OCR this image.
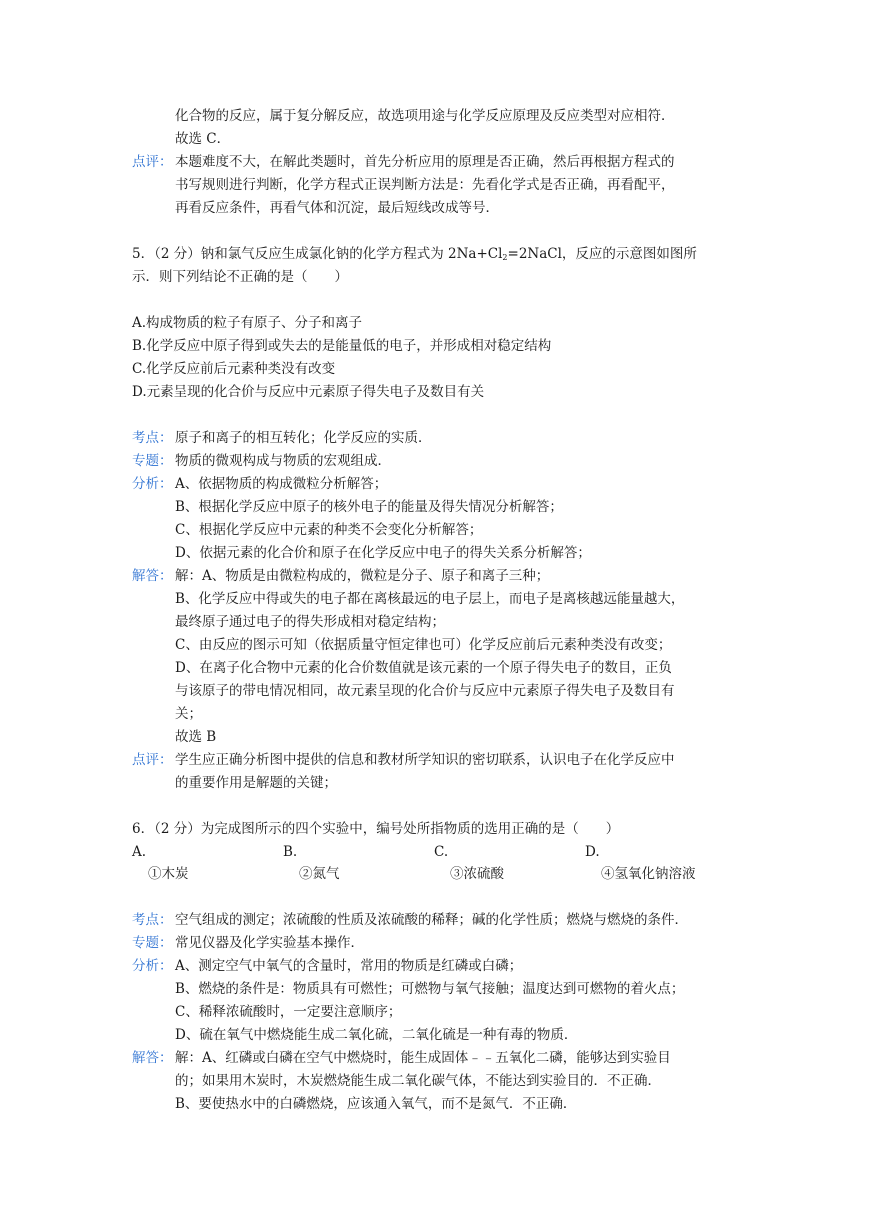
化合物的反应，属于复分解反应，故选项用途与化学反应原理及反应类型对应相符．
故选 C．
点评： 本题难度不大，在解此类题时，首先分析应用的原理是否正确，然后再根据方程式的
书写规则进行判断，化学方程式正误判断方法是：先看化学式是否正确，再看配平，
再看反应条件，再看气体和沉淀，最后短线改成等号．
5．（2 分）钠和氯气反应生成氯化钠的化学方程式为 $2Na+Cl_2=2NaCl$，反应的示意图如图所
示．则下列结论不正确的是（　　）
A.构成物质的粒子有原子、分子和离子
B.化学反应中原子得到或失去的是能量低的电子，并形成相对稳定结构
C.化学反应前后元素种类没有改变
D.元素呈现的化合价与反应中元素原子得失电子及数目有关
考点： 原子和离子的相互转化；化学反应的实质．
专题： 物质的微观构成与物质的宏观组成．
分析： A、依据物质的构成微粒分析解答；
B、根据化学反应中原子的核外电子的能量及得失情况分析解答；
C、根据化学反应中元素的种类不会变化分析解答；
D、依据元素的化合价和原子在化学反应中电子的得失关系分析解答；
解答： 解：A、物质是由微粒构成的，微粒是分子、原子和离子三种；
B、化学反应中得或失的电子都在离核最远的电子层上，而电子是离核越远能量越大，
最终原子通过电子的得失形成相对稳定结构；
C、由反应的图示可知（依据质量守恒定律也可）化学反应前后元素种类没有改变；
D、在离子化合物中元素的化合价数值就是该元素的一个原子得失电子的数目，正负
与该原子的带电情况相同，故元素呈现的化合价与反应中元素原子得失电子及数目有
关；
故选 B
点评： 学生应正确分析图中提供的信息和教材所学知识的密切联系，认识电子在化学反应中
的重要作用是解题的关键；
6．（2 分）为完成图所示的四个实验中，编号处所指物质的选用正确的是（　　）
A.	B.	C.	D.
①木炭	②氮气	③浓硫酸	④氢氧化钠溶液
考点： 空气组成的测定；浓硫酸的性质及浓硫酸的稀释；碱的化学性质；燃烧与燃烧的条件．
专题： 常见仪器及化学实验基本操作．
分析： A、测定空气中氧气的含量时，常用的物质是红磷或白磷；
B、燃烧的条件是：物质具有可燃性；可燃物与氧气接触；温度达到可燃物的着火点；
C、稀释浓硫酸时，一定要注意顺序；
D、硫在氧气中燃烧能生成二氧化硫，二氧化硫是一种有毒的物质．
解答： 解：A、红磷或白磷在空气中燃烧时，能生成固体﹣﹣五氧化二磷，能够达到实验目
的；如果用木炭时，木炭燃烧能生成二氧化碳气体，不能达到实验目的．不正确．
B、要使热水中的白磷燃烧，应该通入氧气，而不是氮气．不正确．
